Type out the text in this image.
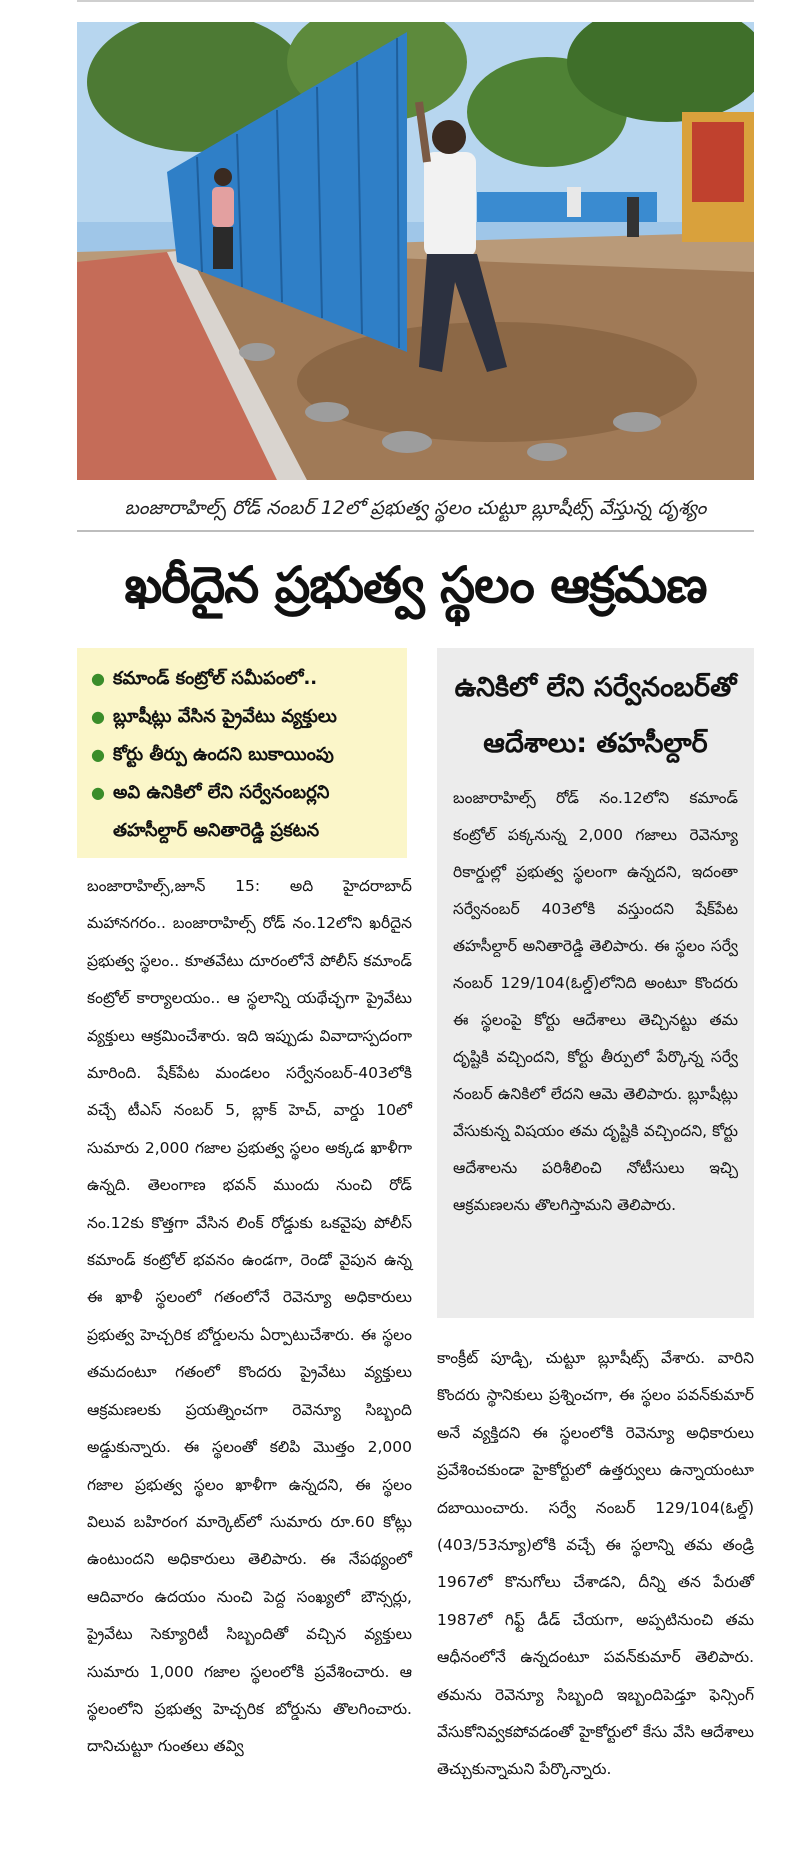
బంజారాహిల్స్ రోడ్ నంబర్ 12లో ప్రభుత్వ స్థలం చుట్టూ బ్లూషీట్స్ వేస్తున్న దృశ్యం
ఖరీదైన ప్రభుత్వ స్థలం ఆక్రమణ
● కమాండ్ కంట్రోల్ సమీపంలో..
● బ్లూషీట్లు వేసిన ప్రైవేటు వ్యక్తులు
● కోర్టు తీర్పు ఉందని బుకాయింపు
● అవి ఉనికిలో లేని సర్వేనంబర్లని
తహసీల్దార్ అనితారెడ్డి ప్రకటన
ఉనికిలో లేని సర్వేనంబర్‌తో ఆదేశాలు: తహసీల్దార్
బంజారాహిల్స్ రోడ్ నం.12లోని కమాండ్ కంట్రోల్ పక్కనున్న 2,000 గజాలు రెవెన్యూ రికార్డుల్లో ప్రభుత్వ స్థలంగా ఉన్నదని, ఇదంతా సర్వేనంబర్ 403లోకి వస్తుందని షేక్‌పేట తహసీల్దార్ అనితారెడ్డి తెలిపారు. ఈ స్థలం సర్వే నంబర్ 129/104(ఓల్డ్)లోనిది అంటూ కొందరు ఈ స్థలంపై కోర్టు ఆదేశాలు తెచ్చినట్టు తమ దృష్టికి వచ్చిందని, కోర్టు తీర్పులో పేర్కొన్న సర్వే నంబర్ ఉనికిలో లేదని ఆమె తెలిపారు. బ్లూషీట్లు వేసుకున్న విషయం తమ దృష్టికి వచ్చిందని, కోర్టు ఆదేశాలను పరిశీలించి నోటీసులు ఇచ్చి ఆక్రమణలను తొలగిస్తామని తెలిపారు.

బంజారాహిల్స్,జూన్ 15: అది హైదరాబాద్ మహానగరం.. బంజారాహిల్స్ రోడ్ నం.12లోని ఖరీదైన ప్రభుత్వ స్థలం.. కూతవేటు దూరంలోనే పోలీస్ కమాండ్ కంట్రోల్ కార్యాలయం.. ఆ స్థలాన్ని యథేచ్ఛగా ప్రైవేటు వ్యక్తులు ఆక్రమించేశారు. ఇది ఇప్పుడు వివాదాస్పదంగా మారింది. షేక్‌పేట మండలం సర్వేనంబర్-403లోకి వచ్చే టీఎస్ నంబర్ 5, బ్లాక్ హెచ్, వార్డు 10లో సుమారు 2,000 గజాల ప్రభుత్వ స్థలం అక్కడ ఖాళీగా ఉన్నది. తెలంగాణ భవన్ ముందు నుంచి రోడ్ నం.12కు కొత్తగా వేసిన లింక్ రోడ్డుకు ఒకవైపు పోలీస్ కమాండ్ కంట్రోల్ భవనం ఉండగా, రెండో వైపున ఉన్న ఈ ఖాళీ స్థలంలో గతంలోనే రెవెన్యూ అధికారులు ప్రభుత్వ హెచ్చరిక బోర్డులను ఏర్పాటుచేశారు. ఈ స్థలం తమదంటూ గతంలో కొందరు ప్రైవేటు వ్యక్తులు ఆక్రమణలకు ప్రయత్నించగా రెవెన్యూ సిబ్బంది అడ్డుకున్నారు. ఈ స్థలంతో కలిపి మొత్తం 2,000 గజాల ప్రభుత్వ స్థలం ఖాళీగా ఉన్నదని, ఈ స్థలం విలువ బహిరంగ మార్కెట్‌లో సుమారు రూ.60 కోట్లు ఉంటుందని అధికారులు తెలిపారు. ఈ నేపథ్యంలో ఆదివారం ఉదయం నుంచి పెద్ద సంఖ్యలో బౌన్సర్లు, ప్రైవేటు సెక్యూరిటీ సిబ్బందితో వచ్చిన వ్యక్తులు సుమారు 1,000 గజాల స్థలంలోకి ప్రవేశించారు. ఆ స్థలంలోని ప్రభుత్వ హెచ్చరిక బోర్డును తొలగించారు. దానిచుట్టూ గుంతలు తవ్వి

కాంక్రీట్ పూడ్చి, చుట్టూ బ్లూషీట్స్ వేశారు. వారిని కొందరు స్థానికులు ప్రశ్నించగా, ఈ స్థలం పవన్‌కుమార్ అనే వ్యక్తిదని ఈ స్థలంలోకి రెవెన్యూ అధికారులు ప్రవేశించకుండా హైకోర్టులో ఉత్తర్వులు ఉన్నాయంటూ దబాయించారు. సర్వే నంబర్ 129/104(ఓల్డ్)(403/53న్యూ)లోకి వచ్చే ఈ స్థలాన్ని తమ తండ్రి 1967లో కొనుగోలు చేశాడని, దీన్ని తన పేరుతో 1987లో గిఫ్ట్ డీడ్ చేయగా, అప్పటినుంచి తమ ఆధీనంలోనే ఉన్నదంటూ పవన్‌కుమార్ తెలిపారు. తమను రెవెన్యూ సిబ్బంది ఇబ్బందిపెడ్తూ ఫెన్సింగ్ వేసుకోనివ్వకపోవడంతో హైకోర్టులో కేసు వేసి ఆదేశాలు తెచ్చుకున్నామని పేర్కొన్నారు.
